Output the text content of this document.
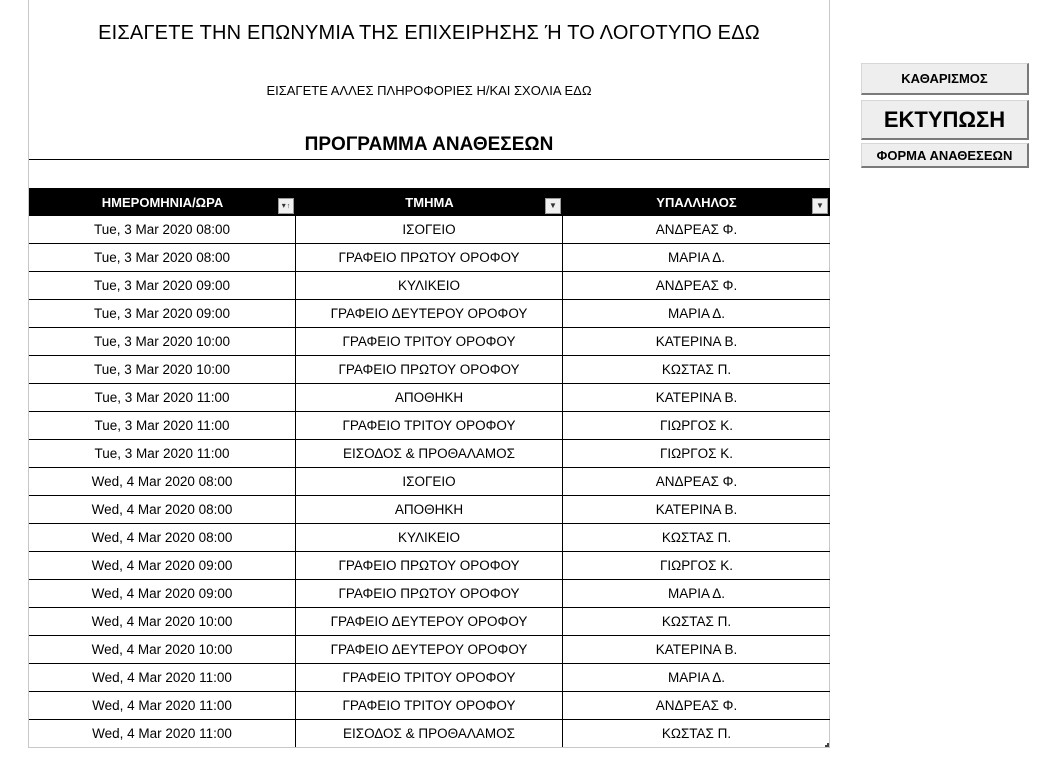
ΕΙΣΑΓΕΤΕ ΤΗΝ ΕΠΩΝΥΜΙΑ ΤΗΣ ΕΠΙΧΕΙΡΗΣΗΣ Ή ΤΟ ΛΟΓΟΤΥΠΟ ΕΔΩ
ΕΙΣΑΓΕΤΕ ΑΛΛΕΣ ΠΛΗΡΟΦΟΡΙΕΣ Η/ΚΑΙ ΣΧΟΛΙΑ ΕΔΩ
ΠΡΟΓΡΑΜΜΑ ΑΝΑΘΕΣΕΩΝ
ΗΜΕΡΟΜΗΝΙΑ/ΩΡΑ	▾ ↑	ΤΜΗΜΑ	▼	ΥΠΑΛΛΗΛΟΣ	▼
Tue, 3 Mar 2020 08:00	ΙΣΟΓΕΙΟ	ΑΝΔΡΕΑΣ Φ.
Tue, 3 Mar 2020 08:00	ΓΡΑΦΕΙΟ ΠΡΩΤΟΥ ΟΡΟΦΟΥ	ΜΑΡΙΑ Δ.
Tue, 3 Mar 2020 09:00	ΚΥΛΙΚΕΙΟ	ΑΝΔΡΕΑΣ Φ.
Tue, 3 Mar 2020 09:00	ΓΡΑΦΕΙΟ ΔΕΥΤΕΡΟΥ ΟΡΟΦΟΥ	ΜΑΡΙΑ Δ.
Tue, 3 Mar 2020 10:00	ΓΡΑΦΕΙΟ ΤΡΙΤΟΥ ΟΡΟΦΟΥ	ΚΑΤΕΡΙΝΑ Β.
Tue, 3 Mar 2020 10:00	ΓΡΑΦΕΙΟ ΠΡΩΤΟΥ ΟΡΟΦΟΥ	ΚΩΣΤΑΣ Π.
Tue, 3 Mar 2020 11:00	ΑΠΟΘΗΚΗ	ΚΑΤΕΡΙΝΑ Β.
Tue, 3 Mar 2020 11:00	ΓΡΑΦΕΙΟ ΤΡΙΤΟΥ ΟΡΟΦΟΥ	ΓΙΩΡΓΟΣ Κ.
Tue, 3 Mar 2020 11:00	ΕΙΣΟΔΟΣ & ΠΡΟΘΑΛΑΜΟΣ	ΓΙΩΡΓΟΣ Κ.
Wed, 4 Mar 2020 08:00	ΙΣΟΓΕΙΟ	ΑΝΔΡΕΑΣ Φ.
Wed, 4 Mar 2020 08:00	ΑΠΟΘΗΚΗ	ΚΑΤΕΡΙΝΑ Β.
Wed, 4 Mar 2020 08:00	ΚΥΛΙΚΕΙΟ	ΚΩΣΤΑΣ Π.
Wed, 4 Mar 2020 09:00	ΓΡΑΦΕΙΟ ΠΡΩΤΟΥ ΟΡΟΦΟΥ	ΓΙΩΡΓΟΣ Κ.
Wed, 4 Mar 2020 09:00	ΓΡΑΦΕΙΟ ΠΡΩΤΟΥ ΟΡΟΦΟΥ	ΜΑΡΙΑ Δ.
Wed, 4 Mar 2020 10:00	ΓΡΑΦΕΙΟ ΔΕΥΤΕΡΟΥ ΟΡΟΦΟΥ	ΚΩΣΤΑΣ Π.
Wed, 4 Mar 2020 10:00	ΓΡΑΦΕΙΟ ΔΕΥΤΕΡΟΥ ΟΡΟΦΟΥ	ΚΑΤΕΡΙΝΑ Β.
Wed, 4 Mar 2020 11:00	ΓΡΑΦΕΙΟ ΤΡΙΤΟΥ ΟΡΟΦΟΥ	ΜΑΡΙΑ Δ.
Wed, 4 Mar 2020 11:00	ΓΡΑΦΕΙΟ ΤΡΙΤΟΥ ΟΡΟΦΟΥ	ΑΝΔΡΕΑΣ Φ.
Wed, 4 Mar 2020 11:00	ΕΙΣΟΔΟΣ & ΠΡΟΘΑΛΑΜΟΣ	ΚΩΣΤΑΣ Π.
ΚΑΘΑΡΙΣΜΟΣ
ΕΚΤΥΠΩΣΗ
ΦΟΡΜΑ ΑΝΑΘΕΣΕΩΝ
